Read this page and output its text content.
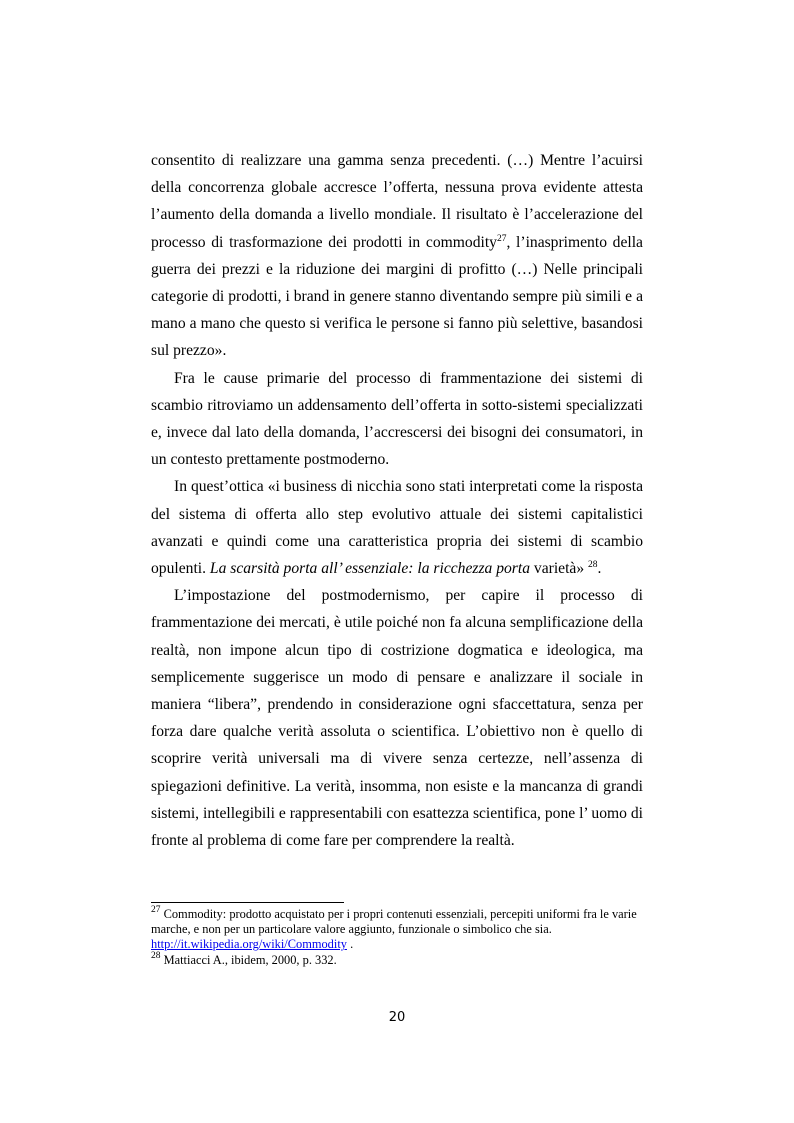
consentito di realizzare una gamma senza precedenti. (…) Mentre l’acuirsi della concorrenza globale accresce l’offerta, nessuna prova evidente attesta l’aumento della domanda a livello mondiale. Il risultato è l’accelerazione del processo di trasformazione dei prodotti in commodity$^{27}$, l’inasprimento della guerra dei prezzi e la riduzione dei margini di profitto (…) Nelle principali categorie di prodotti, i brand in genere stanno diventando sempre più simili e a mano a mano che questo si verifica le persone si fanno più selettive, basandosi sul prezzo».

Fra le cause primarie del processo di frammentazione dei sistemi di scambio ritroviamo un addensamento dell’offerta in sotto-sistemi specializzati e, invece dal lato della domanda, l’accrescersi dei bisogni dei consumatori, in un contesto prettamente postmoderno.

In quest’ottica «i business di nicchia sono stati interpretati come la risposta del sistema di offerta allo step evolutivo attuale dei sistemi capitalistici avanzati e quindi come una caratteristica propria dei sistemi di scambio opulenti. La scarsità porta all’ essenziale: la ricchezza porta varietà» $^{28}$.

L’impostazione del postmodernismo, per capire il processo di frammentazione dei mercati, è utile poiché non fa alcuna semplificazione della realtà, non impone alcun tipo di costrizione dogmatica e ideologica, ma semplicemente suggerisce un modo di pensare e analizzare il sociale in maniera “libera”, prendendo in considerazione ogni sfaccettatura, senza per forza dare qualche verità assoluta o scientifica. L’obiettivo non è quello di scoprire verità universali ma di vivere senza certezze, nell’assenza di spiegazioni definitive. La verità, insomma, non esiste e la mancanza di grandi sistemi, intellegibili e rappresentabili con esattezza scientifica, pone l’ uomo di fronte al problema di come fare per comprendere la realtà.

$^{27}$ Commodity: prodotto acquistato per i propri contenuti essenziali, percepiti uniformi fra le varie marche, e non per un particolare valore aggiunto, funzionale o simbolico che sia. http://it.wikipedia.org/wiki/Commodity .

$^{28}$ Mattiacci A., ibidem, 2000, p. 332.

20
